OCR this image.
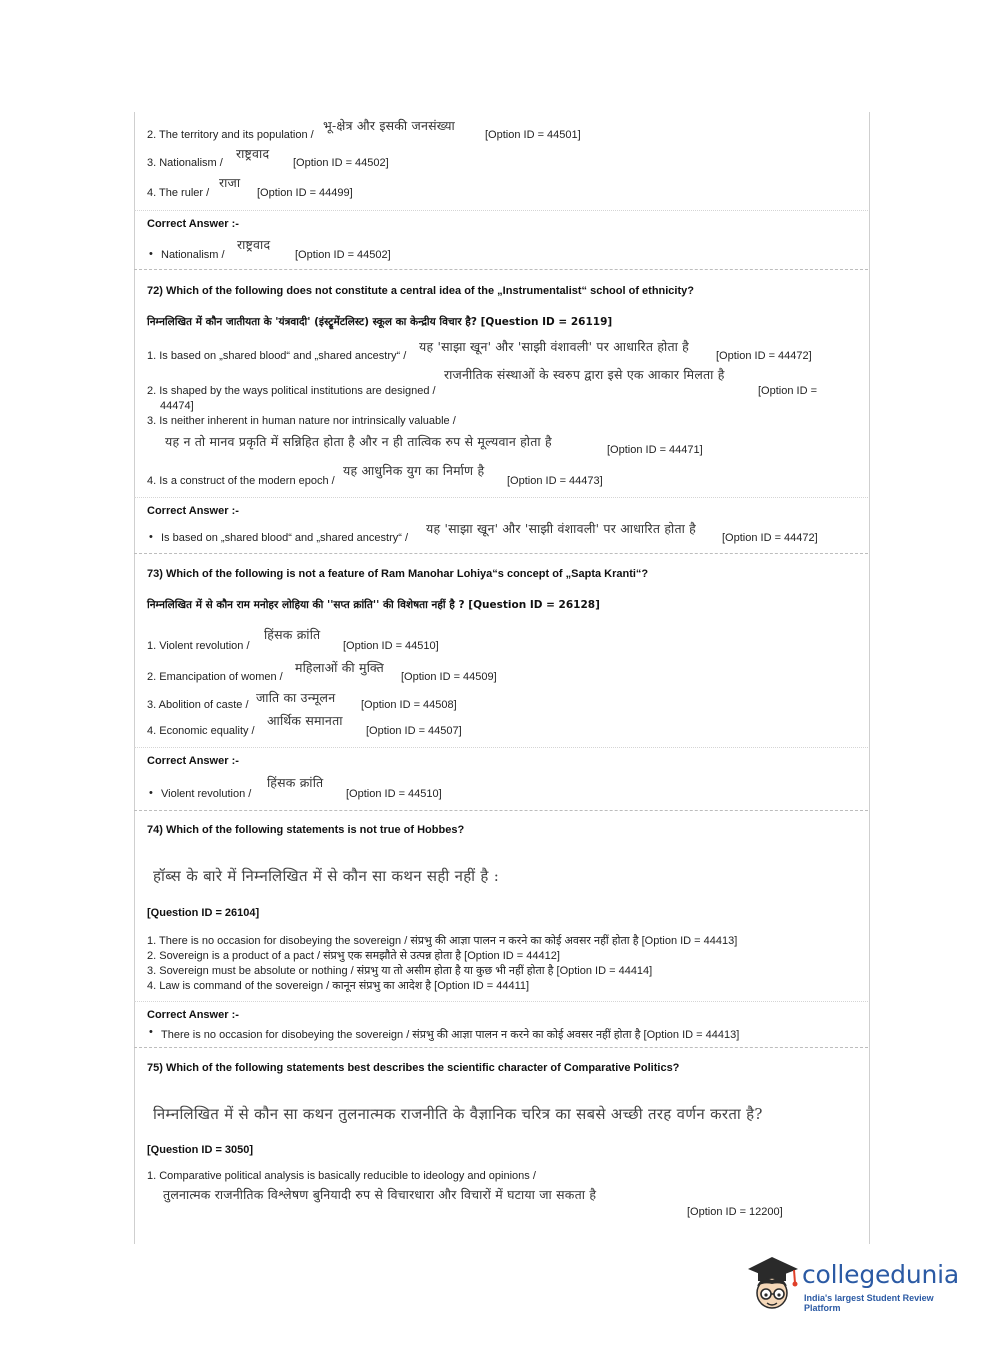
2. The territory and its population /
भू-क्षेत्र और इसकी जनसंख्या
[Option ID = 44501]
3. Nationalism /
राष्ट्रवाद
[Option ID = 44502]
4. The ruler /
राजा
[Option ID = 44499]
Correct Answer :-
• Nationalism /
राष्ट्रवाद
[Option ID = 44502]
72) Which of the following does not constitute a central idea of the „Instrumentalist“ school of ethnicity?
निम्नलिखित में कौन जातीयता के 'यंत्रवादी' (इंस्ट्रूमेंटलिस्ट) स्कूल का केन्द्रीय विचार है? [Question ID = 26119]
1. Is based on „shared blood“ and „shared ancestry“ /
यह 'साझा खून' और 'साझी वंशावली' पर आधारित होता है
[Option ID = 44472]
राजनीतिक संस्थाओं के स्वरुप द्वारा इसे एक आकार मिलता है
2. Is shaped by the ways political institutions are designed /	[Option ID =
44474]
3. Is neither inherent in human nature nor intrinsically valuable /
यह न तो मानव प्रकृति में सन्निहित होता है और न ही तात्विक रुप से मूल्यवान होता है
[Option ID = 44471]
4. Is a construct of the modern epoch /
यह आधुनिक युग का निर्माण है
[Option ID = 44473]
Correct Answer :-
• Is based on „shared blood“ and „shared ancestry“ /
यह 'साझा खून' और 'साझी वंशावली' पर आधारित होता है
[Option ID = 44472]
73) Which of the following is not a feature of Ram Manohar Lohiya“s concept of „Sapta Kranti“?
निम्नलिखित में से कौन राम मनोहर लोहिया की ''सप्त क्रांति'' की विशेषता नहीं है ? [Question ID = 26128]
1. Violent revolution /
हिंसक क्रांति
[Option ID = 44510]
2. Emancipation of women /
महिलाओं की मुक्ति
[Option ID = 44509]
3. Abolition of caste / जाति का उन्मूलन [Option ID = 44508]
4. Economic equality /
आर्थिक समानता
[Option ID = 44507]
Correct Answer :-
• Violent revolution /
हिंसक क्रांति
[Option ID = 44510]
74) Which of the following statements is not true of Hobbes?
हॉब्स के बारे में निम्नलिखित में से कौन सा कथन सही नहीं है :
[Question ID = 26104]
1. There is no occasion for disobeying the sovereign / संप्रभु की आज्ञा पालन न करने का कोई अवसर नहीं होता है [Option ID = 44413]
2. Sovereign is a product of a pact / संप्रभु एक समझौते से उत्पन्न होता है [Option ID = 44412]
3. Sovereign must be absolute or nothing / संप्रभु या तो असीम होता है या कुछ भी नहीं होता है [Option ID = 44414]
4. Law is command of the sovereign / कानून संप्रभु का आदेश है [Option ID = 44411]
Correct Answer :-
• There is no occasion for disobeying the sovereign / संप्रभु की आज्ञा पालन न करने का कोई अवसर नहीं होता है [Option ID = 44413]
75) Which of the following statements best describes the scientific character of Comparative Politics?
निम्नलिखित में से कौन सा कथन तुलनात्मक राजनीति के वैज्ञानिक चरित्र का सबसे अच्छी तरह वर्णन करता है?
[Question ID = 3050]
1. Comparative political analysis is basically reducible to ideology and opinions /
तुलनात्मक राजनीतिक विश्लेषण बुनियादी रुप से विचारधारा और विचारों में घटाया जा सकता है
[Option ID = 12200]
collegedunia
India's largest Student Review Platform
